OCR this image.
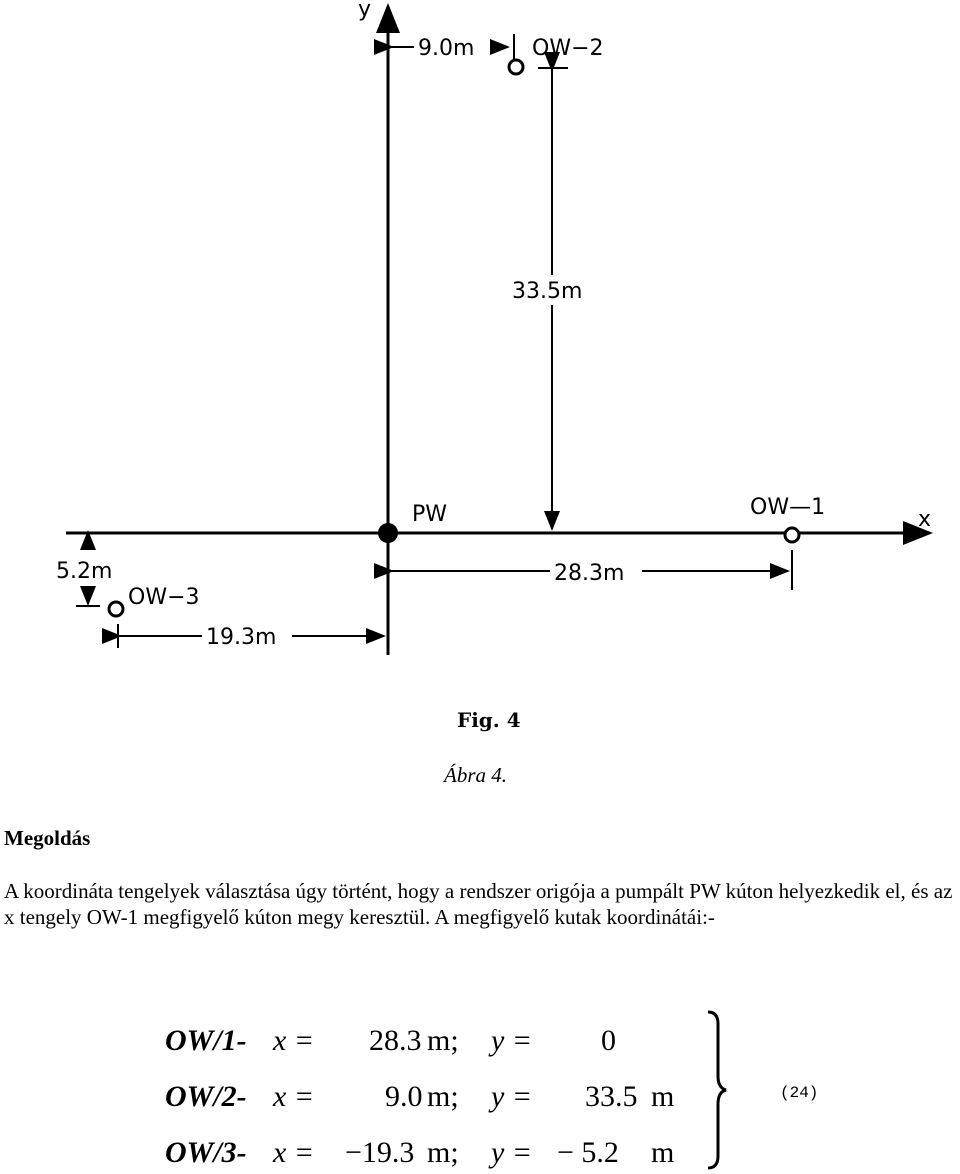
y
x
PW	OW—1
OW−2
OW−3
9.0m
33.5m
28.3m
5.2m
19.3m
Fig. 4
Ábra 4.
Megoldás
A koordináta tengelyek választása úgy történt, hogy a rendszer origója a pumpált PW kúton helyezkedik el, és az x tengely OW-1 megfigyelő kúton megy keresztül. A megfigyelő kutak koordinátái:-
OW/1- x = 28.3 m; y = 0
OW/2- x = 9.0 m; y = 33.5 m
OW/3- x = −19.3 m; y = − 5.2 m
(24)
